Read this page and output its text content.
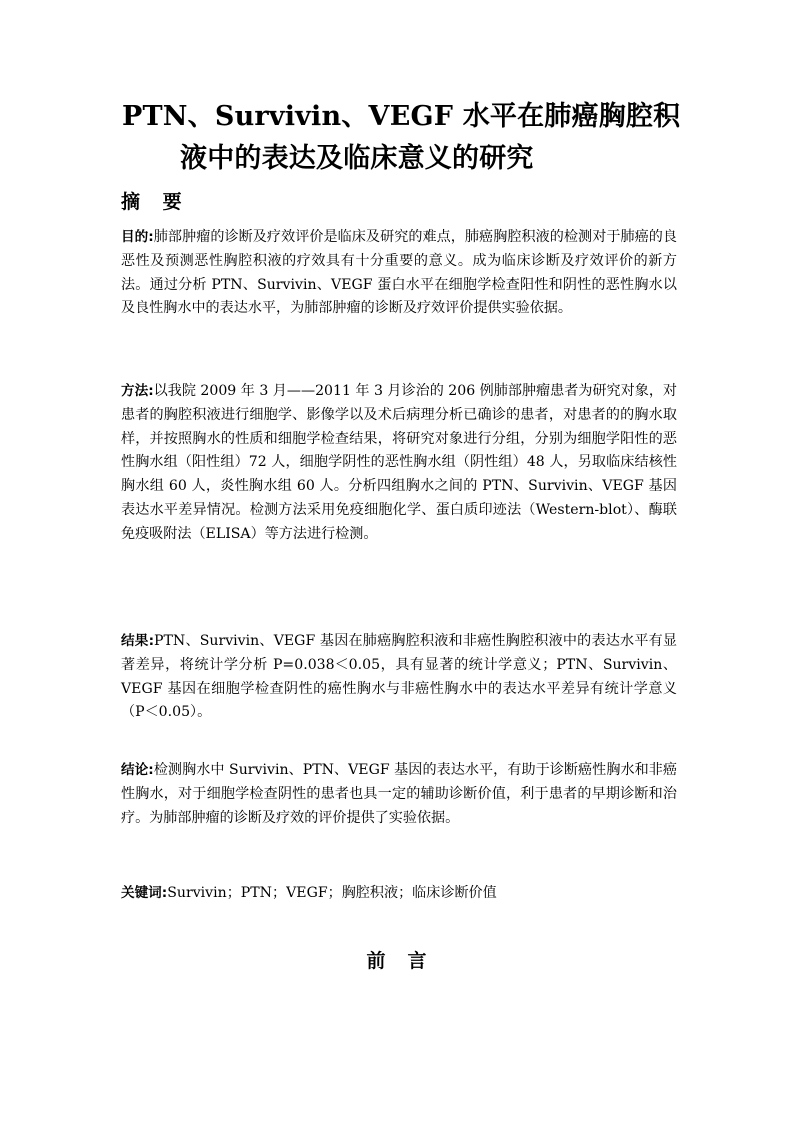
PTN、Survivin、VEGF 水平在肺癌胸腔积
液中的表达及临床意义的研究
摘 要
目的:肺部肿瘤的诊断及疗效评价是临床及研究的难点，肺癌胸腔积液的检测对于肺癌的良恶性及预测恶性胸腔积液的疗效具有十分重要的意义。成为临床诊断及疗效评价的新方法。通过分析 PTN、Survivin、VEGF 蛋白水平在细胞学检查阳性和阴性的恶性胸水以及良性胸水中的表达水平，为肺部肿瘤的诊断及疗效评价提供实验依据。
方法:以我院 2009 年 3 月——2011 年 3 月诊治的 206 例肺部肿瘤患者为研究对象，对患者的胸腔积液进行细胞学、影像学以及术后病理分析已确诊的患者，对患者的的胸水取样，并按照胸水的性质和细胞学检查结果，将研究对象进行分组，分别为细胞学阳性的恶性胸水组（阳性组）72 人，细胞学阴性的恶性胸水组（阴性组）48 人，另取临床结核性胸水组 60 人，炎性胸水组 60 人。分析四组胸水之间的 PTN、Survivin、VEGF 基因表达水平差异情况。检测方法采用免疫细胞化学、蛋白质印迹法（Western-blot）、酶联免疫吸附法（ELISA）等方法进行检测。
结果:PTN、Survivin、VEGF 基因在肺癌胸腔积液和非癌性胸腔积液中的表达水平有显著差异，将统计学分析 P=0.038＜0.05，具有显著的统计学意义；PTN、Survivin、VEGF 基因在细胞学检查阴性的癌性胸水与非癌性胸水中的表达水平差异有统计学意义（P＜0.05）。
结论:检测胸水中 Survivin、PTN、VEGF 基因的表达水平，有助于诊断癌性胸水和非癌性胸水，对于细胞学检查阴性的患者也具一定的辅助诊断价值，利于患者的早期诊断和治疗。为肺部肿瘤的诊断及疗效的评价提供了实验依据。
关键词:Survivin；PTN；VEGF；胸腔积液；临床诊断价值
前言
